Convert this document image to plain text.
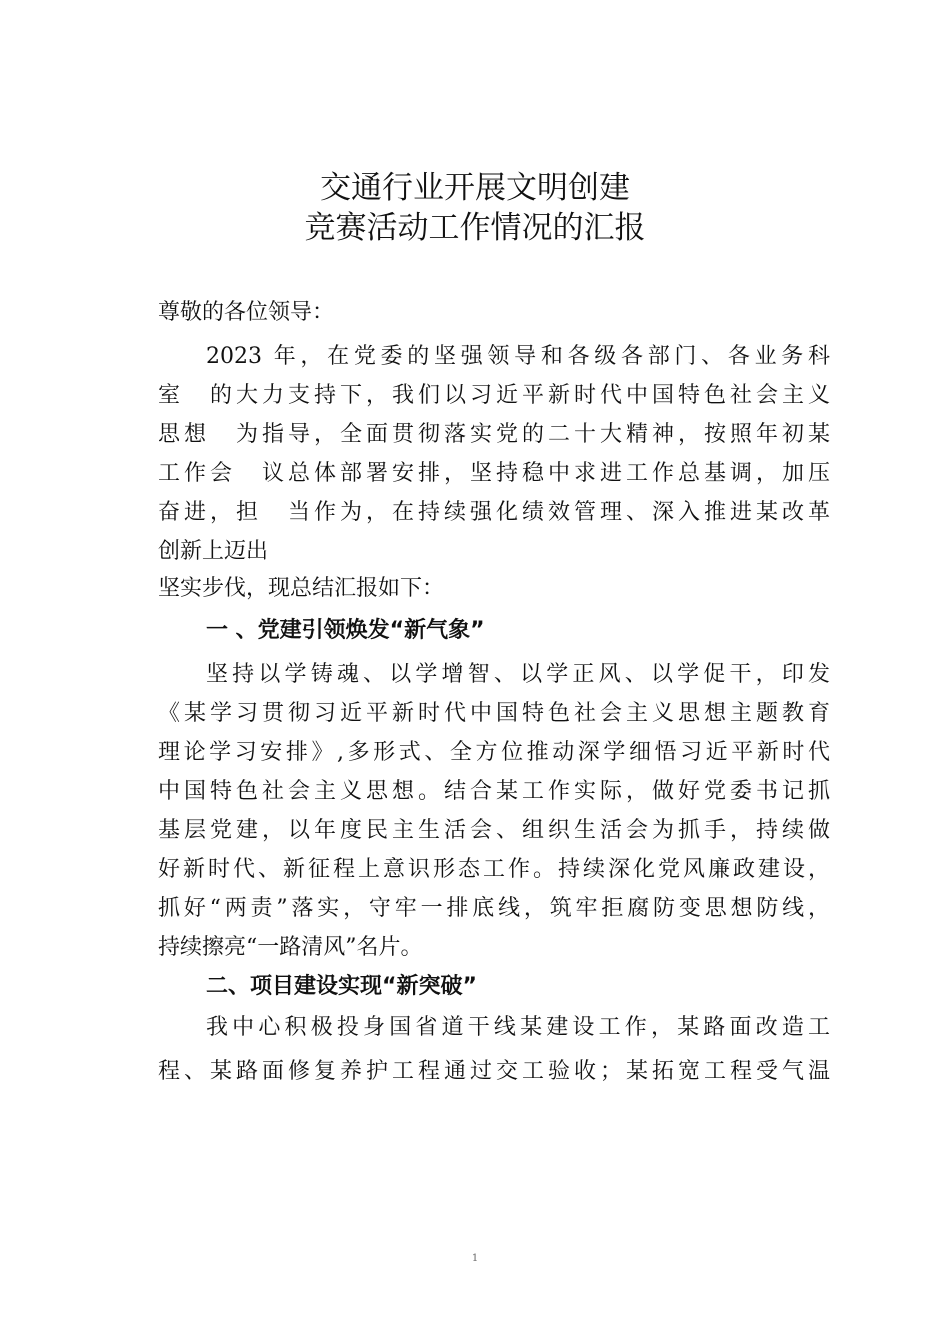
交通行业开展文明创建
竞赛活动工作情况的汇报
尊敬的各位领导：
2023 年，在党委的坚强领导和各级各部门、各业务科
室　的大力支持下，我们以习近平新时代中国特色社会主义
思想　为指导，全面贯彻落实党的二十大精神，按照年初某
工作会　议总体部署安排，坚持稳中求进工作总基调，加压
奋进，担　当作为，在持续强化绩效管理、深入推进某改革
创新上迈出
坚实步伐，现总结汇报如下：
一 、党建引领焕发“新气象”
坚持以学铸魂、以学增智、以学正风、以学促干，印发
《某学习贯彻习近平新时代中国特色社会主义思想主题教育
理论学习安排》,多形式、全方位推动深学细悟习近平新时代
中国特色社会主义思想。结合某工作实际，做好党委书记抓
基层党建，以年度民主生活会、组织生活会为抓手，持续做
好新时代、新征程上意识形态工作。持续深化党风廉政建设，
抓好“两责”落实，守牢一排底线，筑牢拒腐防变思想防线，
持续擦亮“一路清风”名片。
二、项目建设实现“新突破”
我中心积极投身国省道干线某建设工作，某路面改造工
程、某路面修复养护工程通过交工验收；某拓宽工程受气温
1
